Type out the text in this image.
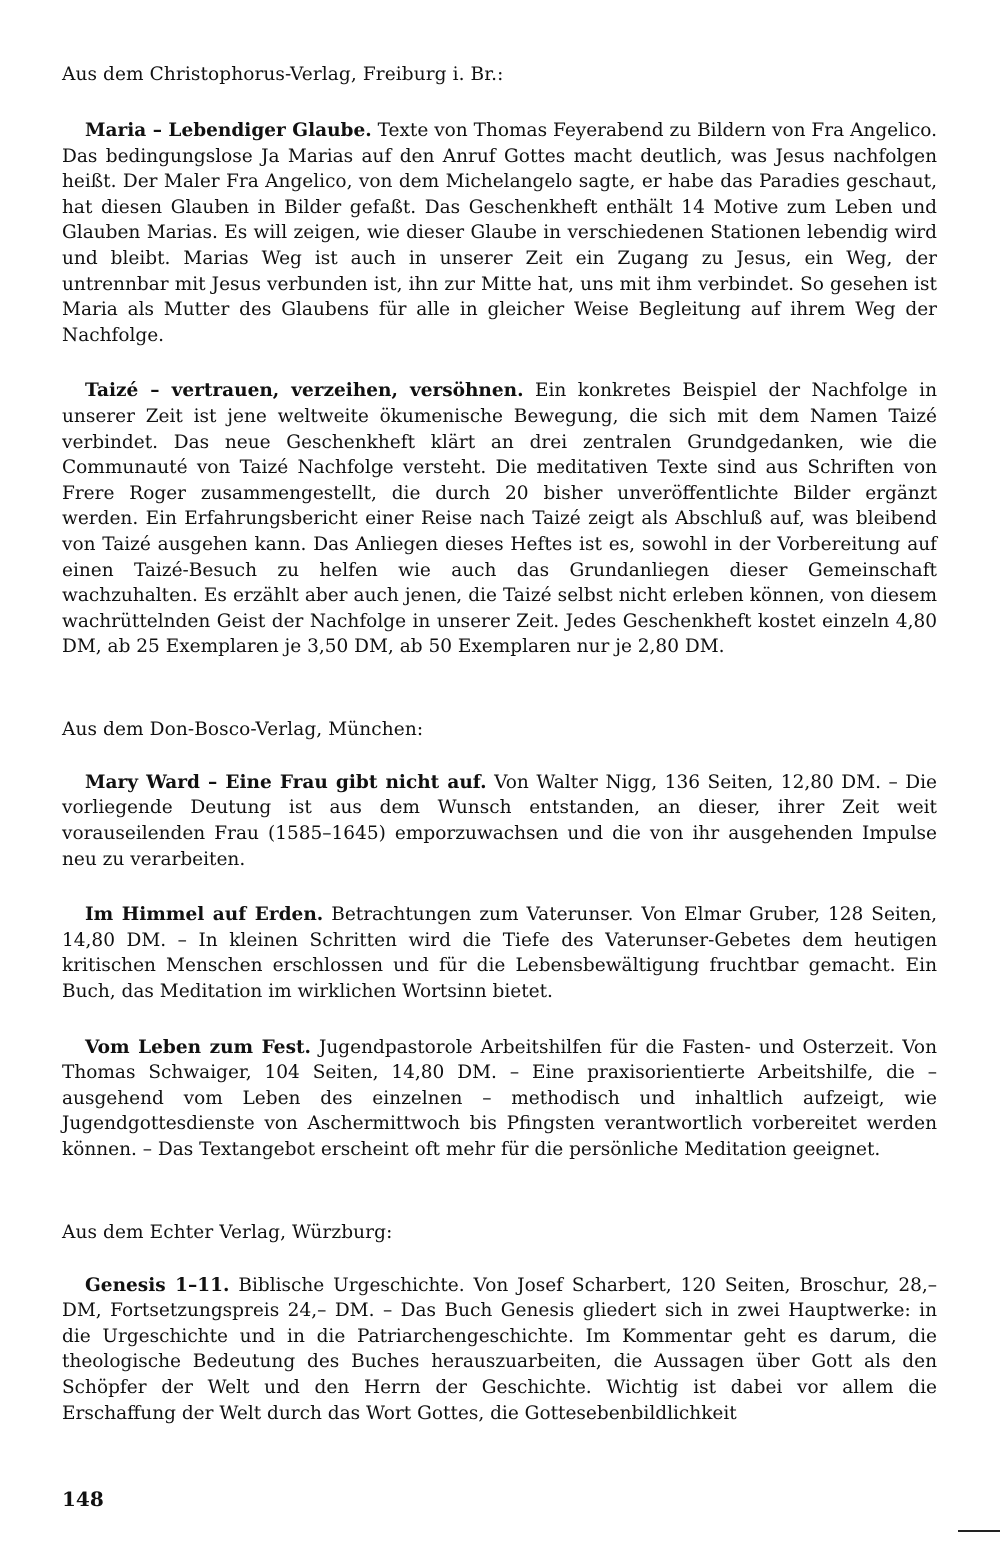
Aus dem Christophorus-Verlag, Freiburg i. Br.:

Maria – Lebendiger Glaube. Texte von Thomas Feyerabend zu Bildern von Fra Angelico. Das bedingungslose Ja Marias auf den Anruf Gottes macht deutlich, was Jesus nachfolgen heißt. Der Maler Fra Angelico, von dem Michelangelo sagte, er habe das Paradies geschaut, hat diesen Glauben in Bilder gefaßt. Das Geschenkheft enthält 14 Motive zum Leben und Glauben Marias. Es will zeigen, wie dieser Glaube in verschiedenen Stationen lebendig wird und bleibt. Marias Weg ist auch in unserer Zeit ein Zugang zu Jesus, ein Weg, der untrennbar mit Jesus verbunden ist, ihn zur Mitte hat, uns mit ihm verbindet. So gesehen ist Maria als Mutter des Glaubens für alle in gleicher Weise Begleitung auf ihrem Weg der Nachfolge.

Taizé – vertrauen, verzeihen, versöhnen. Ein konkretes Beispiel der Nachfolge in unserer Zeit ist jene weltweite ökumenische Bewegung, die sich mit dem Namen Taizé verbindet. Das neue Geschenkheft klärt an drei zentralen Grundgedanken, wie die Communauté von Taizé Nachfolge versteht. Die meditativen Texte sind aus Schriften von Frere Roger zusammengestellt, die durch 20 bisher unveröffentlichte Bilder ergänzt werden. Ein Erfahrungsbericht einer Reise nach Taizé zeigt als Abschluß auf, was bleibend von Taizé ausgehen kann. Das Anliegen dieses Heftes ist es, sowohl in der Vorbereitung auf einen Taizé-Besuch zu helfen wie auch das Grundanliegen dieser Gemeinschaft wachzuhalten. Es erzählt aber auch jenen, die Taizé selbst nicht erleben können, von diesem wachrüttelnden Geist der Nachfolge in unserer Zeit. Jedes Geschenkheft kostet einzeln 4,80 DM, ab 25 Exemplaren je 3,50 DM, ab 50 Exemplaren nur je 2,80 DM.

Aus dem Don-Bosco-Verlag, München:

Mary Ward – Eine Frau gibt nicht auf. Von Walter Nigg, 136 Seiten, 12,80 DM. – Die vorliegende Deutung ist aus dem Wunsch entstanden, an dieser, ihrer Zeit weit vorauseilenden Frau (1585–1645) emporzuwachsen und die von ihr ausgehenden Impulse neu zu verarbeiten.

Im Himmel auf Erden. Betrachtungen zum Vaterunser. Von Elmar Gruber, 128 Seiten, 14,80 DM. – In kleinen Schritten wird die Tiefe des Vaterunser-Gebetes dem heutigen kritischen Menschen erschlossen und für die Lebensbewältigung fruchtbar gemacht. Ein Buch, das Meditation im wirklichen Wortsinn bietet.

Vom Leben zum Fest. Jugendpastorole Arbeitshilfen für die Fasten- und Osterzeit. Von Thomas Schwaiger, 104 Seiten, 14,80 DM. – Eine praxisorientierte Arbeitshilfe, die – ausgehend vom Leben des einzelnen – methodisch und inhaltlich aufzeigt, wie Jugendgottesdienste von Aschermittwoch bis Pfingsten verantwortlich vorbereitet werden können. – Das Textangebot erscheint oft mehr für die persönliche Meditation geeignet.

Aus dem Echter Verlag, Würzburg:

Genesis 1–11. Biblische Urgeschichte. Von Josef Scharbert, 120 Seiten, Broschur, 28,– DM, Fortsetzungspreis 24,– DM. – Das Buch Genesis gliedert sich in zwei Hauptwerke: in die Urgeschichte und in die Patriarchengeschichte. Im Kommentar geht es darum, die theologische Bedeutung des Buches herauszuarbeiten, die Aussagen über Gott als den Schöpfer der Welt und den Herrn der Geschichte. Wichtig ist dabei vor allem die Erschaffung der Welt durch das Wort Gottes, die Gottesebenbildlichkeit

148
